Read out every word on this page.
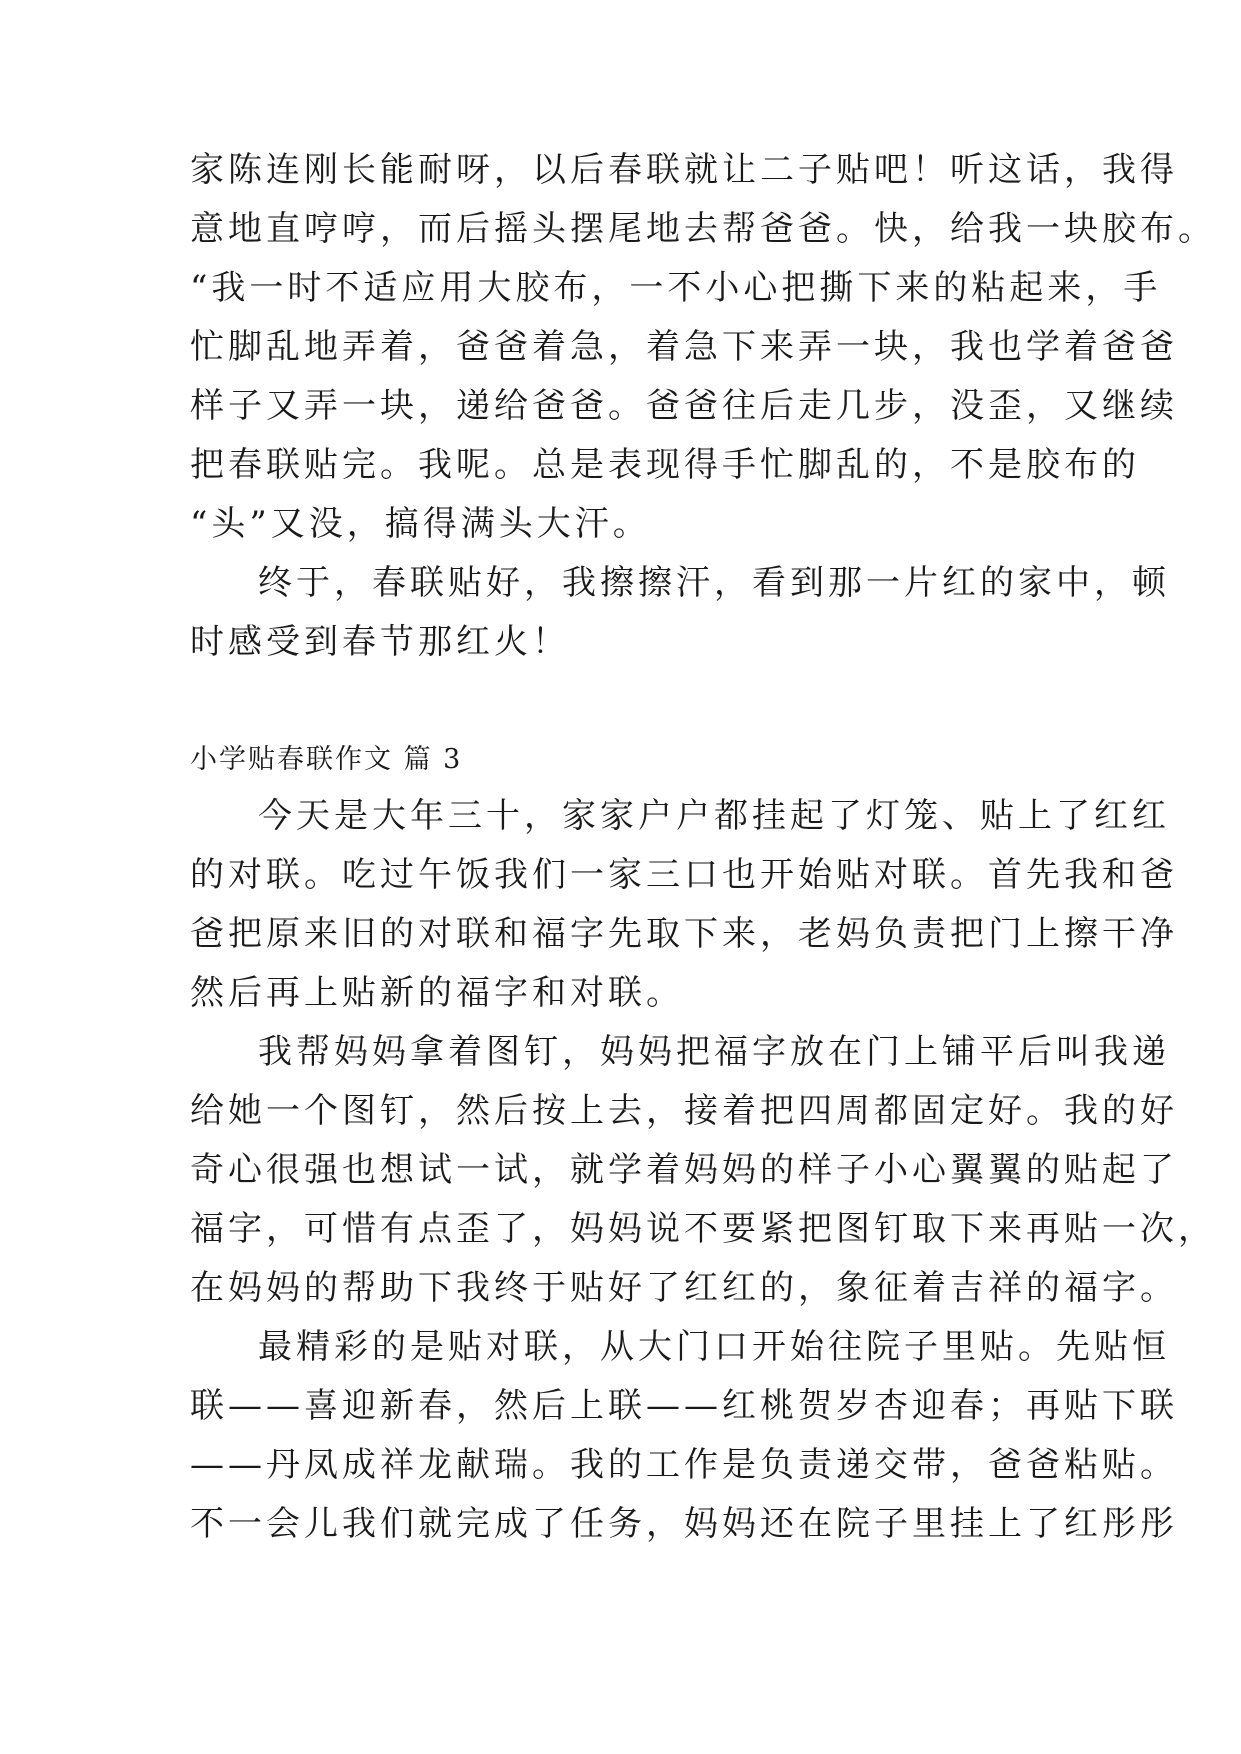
家陈连刚长能耐呀，以后春联就让二子贴吧！听这话，我得
意地直哼哼，而后摇头摆尾地去帮爸爸。快，给我一块胶布。
“我一时不适应用大胶布，一不小心把撕下来的粘起来，手
忙脚乱地弄着，爸爸着急，着急下来弄一块，我也学着爸爸
样子又弄一块，递给爸爸。爸爸往后走几步，没歪，又继续
把春联贴完。我呢。总是表现得手忙脚乱的，不是胶布的
“头”又没，搞得满头大汗。
终于，春联贴好，我擦擦汗，看到那一片红的家中，顿
时感受到春节那红火！
小学贴春联作文 篇 3
今天是大年三十，家家户户都挂起了灯笼、贴上了红红
的对联。吃过午饭我们一家三口也开始贴对联。首先我和爸
爸把原来旧的对联和福字先取下来，老妈负责把门上擦干净
然后再上贴新的福字和对联。
我帮妈妈拿着图钉，妈妈把福字放在门上铺平后叫我递
给她一个图钉，然后按上去，接着把四周都固定好。我的好
奇心很强也想试一试，就学着妈妈的样子小心翼翼的贴起了
福字，可惜有点歪了，妈妈说不要紧把图钉取下来再贴一次，
在妈妈的帮助下我终于贴好了红红的，象征着吉祥的福字。
最精彩的是贴对联，从大门口开始往院子里贴。先贴恒
联——喜迎新春，然后上联——红桃贺岁杏迎春；再贴下联
——丹凤成祥龙献瑞。我的工作是负责递交带，爸爸粘贴。
不一会儿我们就完成了任务，妈妈还在院子里挂上了红彤彤
